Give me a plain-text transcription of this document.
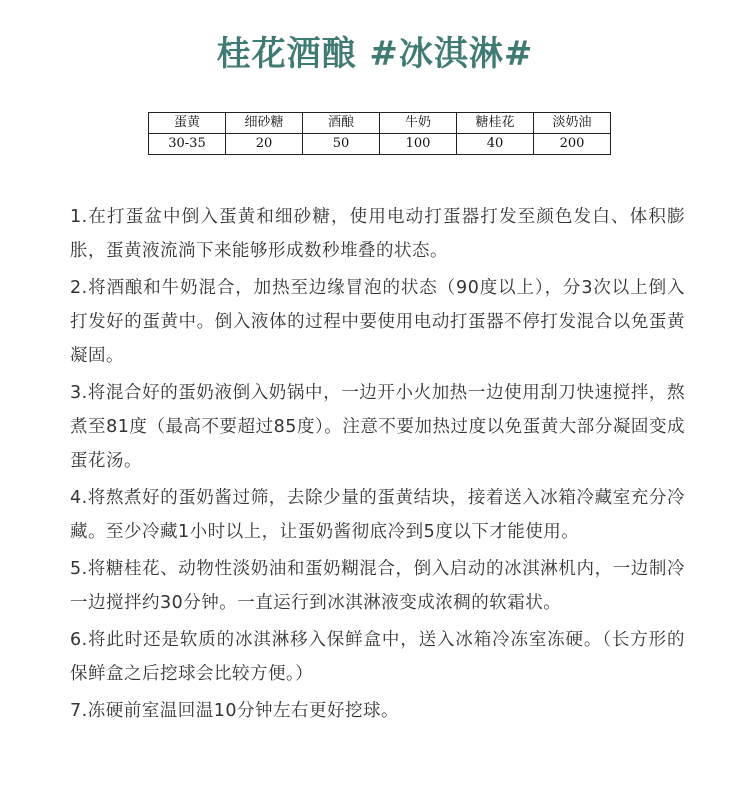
桂花酒酿 #冰淇淋#
蛋黄	细砂糖	酒酿	牛奶	糖桂花	淡奶油
30-35	20	50	100	40	200

1.在打蛋盆中倒入蛋黄和细砂糖，使用电动打蛋器打发至颜色发白、体积膨胀，蛋黄液流淌下来能够形成数秒堆叠的状态。

2.将酒酿和牛奶混合，加热至边缘冒泡的状态（90度以上），分3次以上倒入打发好的蛋黄中。倒入液体的过程中要使用电动打蛋器不停打发混合以免蛋黄凝固。

3.将混合好的蛋奶液倒入奶锅中，一边开小火加热一边使用刮刀快速搅拌，熬煮至81度（最高不要超过85度）。注意不要加热过度以免蛋黄大部分凝固变成蛋花汤。

4.将熬煮好的蛋奶酱过筛，去除少量的蛋黄结块，接着送入冰箱冷藏室充分冷藏。至少冷藏1小时以上，让蛋奶酱彻底冷到5度以下才能使用。

5.将糖桂花、动物性淡奶油和蛋奶糊混合，倒入启动的冰淇淋机内，一边制冷一边搅拌约30分钟。一直运行到冰淇淋液变成浓稠的软霜状。

6.将此时还是软质的冰淇淋移入保鲜盒中，送入冰箱冷冻室冻硬。（长方形的保鲜盒之后挖球会比较方便。）

7.冻硬前室温回温10分钟左右更好挖球。
